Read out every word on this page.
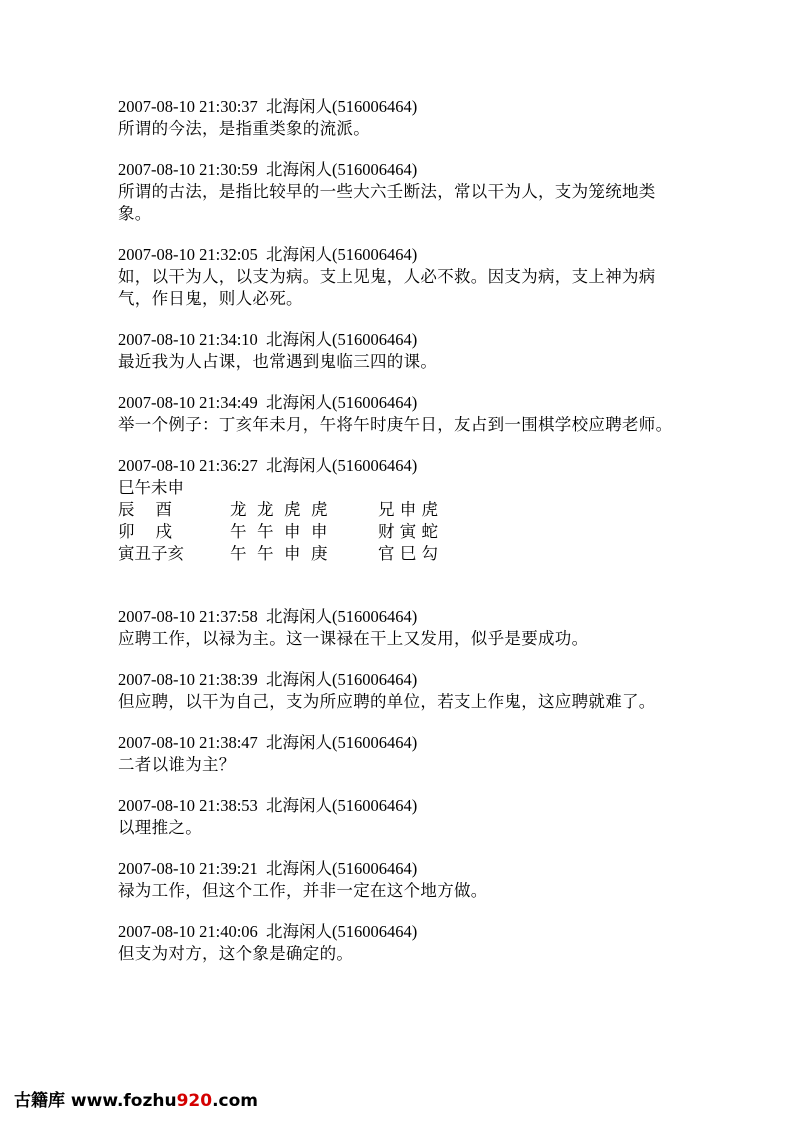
2007-08-10 21:30:37  北海闲人(516006464)
所谓的今法，是指重类象的流派。
2007-08-10 21:30:59  北海闲人(516006464)
所谓的古法，是指比较早的一些大六壬断法，常以干为人，支为笼统地类象。
2007-08-10 21:32:05  北海闲人(516006464)
如，以干为人，以支为病。支上见鬼，人必不救。因支为病，支上神为病气，作日鬼，则人必死。
2007-08-10 21:34:10  北海闲人(516006464)
最近我为人占课，也常遇到鬼临三四的课。
2007-08-10 21:34:49  北海闲人(516006464)
举一个例子：丁亥年未月，午将午时庚午日，友占到一围棋学校应聘老师。
2007-08-10 21:36:27  北海闲人(516006464)
巳午未申
辰    酉	龙  龙  虎  虎	兄 申 虎
卯    戌	午  午  申  申	财 寅 蛇
寅丑子亥	午  午  申  庚	官 巳 勾
2007-08-10 21:37:58  北海闲人(516006464)
应聘工作，以禄为主。这一课禄在干上又发用，似乎是要成功。
2007-08-10 21:38:39  北海闲人(516006464)
但应聘，以干为自己，支为所应聘的单位，若支上作鬼，这应聘就难了。
2007-08-10 21:38:47  北海闲人(516006464)
二者以谁为主？
2007-08-10 21:38:53  北海闲人(516006464)
以理推之。
2007-08-10 21:39:21  北海闲人(516006464)
禄为工作，但这个工作，并非一定在这个地方做。
2007-08-10 21:40:06  北海闲人(516006464)
但支为对方，这个象是确定的。
古籍库 www.fozhu920.com
